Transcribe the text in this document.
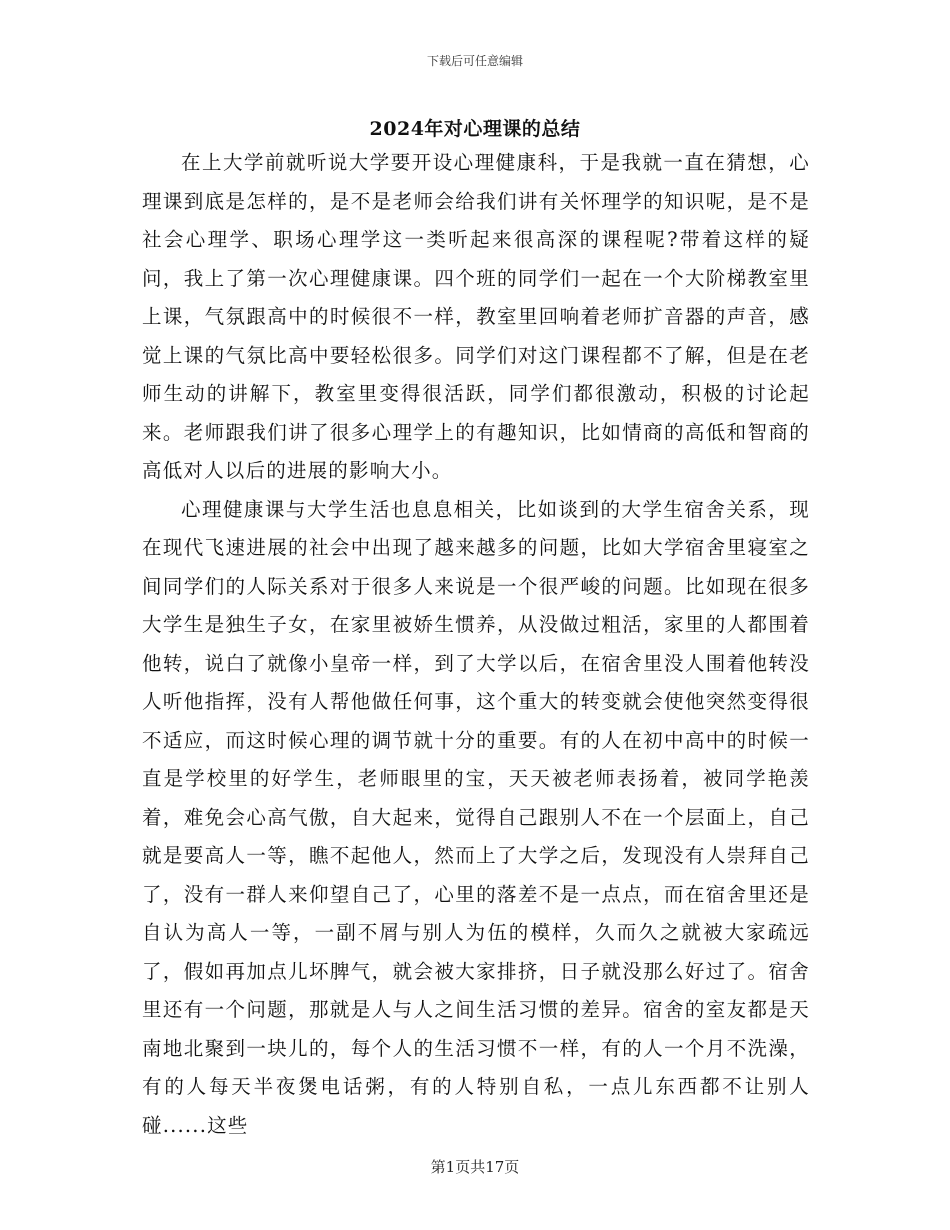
下载后可任意编辑
2024年对心理课的总结

在上大学前就听说大学要开设心理健康科，于是我就一直在猜想，心理课到底是怎样的，是不是老师会给我们讲有关怀理学的知识呢，是不是社会心理学、职场心理学这一类听起来很高深的课程呢?带着这样的疑问，我上了第一次心理健康课。四个班的同学们一起在一个大阶梯教室里上课，气氛跟高中的时候很不一样，教室里回响着老师扩音器的声音，感觉上课的气氛比高中要轻松很多。同学们对这门课程都不了解，但是在老师生动的讲解下，教室里变得很活跃，同学们都很激动，积极的讨论起来。老师跟我们讲了很多心理学上的有趣知识，比如情商的高低和智商的高低对人以后的进展的影响大小。

心理健康课与大学生活也息息相关，比如谈到的大学生宿舍关系，现在现代飞速进展的社会中出现了越来越多的问题，比如大学宿舍里寝室之间同学们的人际关系对于很多人来说是一个很严峻的问题。比如现在很多大学生是独生子女，在家里被娇生惯养，从没做过粗活，家里的人都围着他转，说白了就像小皇帝一样，到了大学以后，在宿舍里没人围着他转没人听他指挥，没有人帮他做任何事，这个重大的转变就会使他突然变得很不适应，而这时候心理的调节就十分的重要。有的人在初中高中的时候一直是学校里的好学生，老师眼里的宝，天天被老师表扬着，被同学艳羡着，难免会心高气傲，自大起来，觉得自己跟别人不在一个层面上，自己就是要高人一等，瞧不起他人，然而上了大学之后，发现没有人崇拜自己了，没有一群人来仰望自己了，心里的落差不是一点点，而在宿舍里还是自认为高人一等，一副不屑与别人为伍的模样，久而久之就被大家疏远了，假如再加点儿坏脾气，就会被大家排挤，日子就没那么好过了。宿舍里还有一个问题，那就是人与人之间生活习惯的差异。宿舍的室友都是天南地北聚到一块儿的，每个人的生活习惯不一样，有的人一个月不洗澡，有的人每天半夜煲电话粥，有的人特别自私，一点儿东西都不让别人碰......这些

第1页共17页
